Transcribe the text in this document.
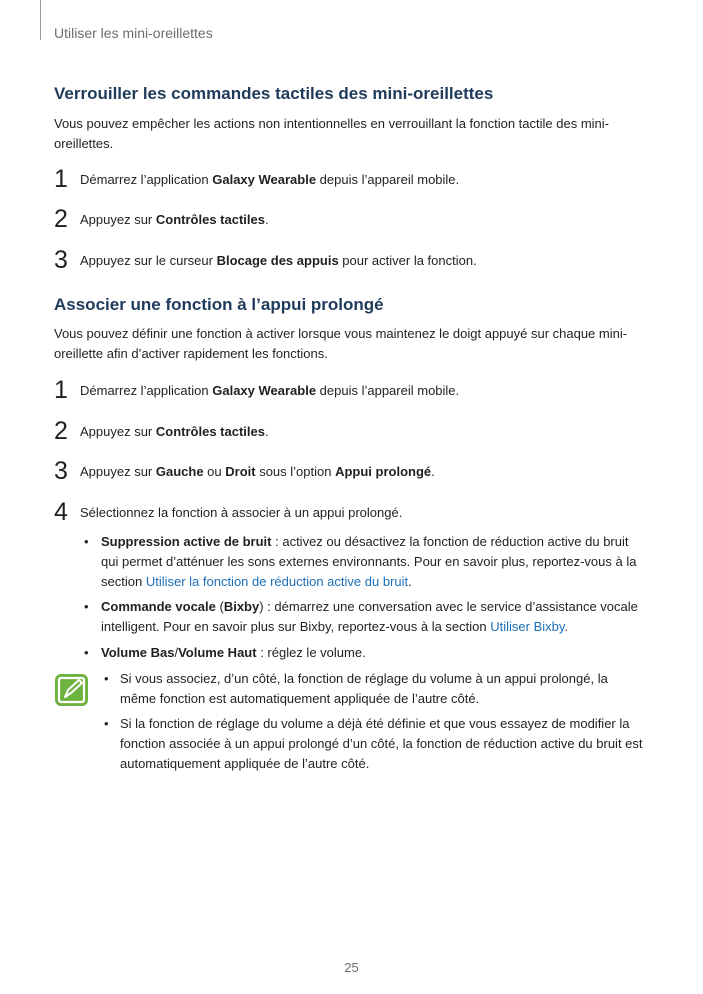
Utiliser les mini-oreillettes
Verrouiller les commandes tactiles des mini-oreillettes
Vous pouvez empêcher les actions non intentionnelles en verrouillant la fonction tactile des mini-oreillettes.
1 Démarrez l’application Galaxy Wearable depuis l’appareil mobile.
2 Appuyez sur Contrôles tactiles.
3 Appuyez sur le curseur Blocage des appuis pour activer la fonction.
Associer une fonction à l’appui prolongé
Vous pouvez définir une fonction à activer lorsque vous maintenez le doigt appuyé sur chaque mini-oreillette afin d’activer rapidement les fonctions.
1 Démarrez l’application Galaxy Wearable depuis l’appareil mobile.
2 Appuyez sur Contrôles tactiles.
3 Appuyez sur Gauche ou Droit sous l’option Appui prolongé.
4 Sélectionnez la fonction à associer à un appui prolongé.
• Suppression active de bruit : activez ou désactivez la fonction de réduction active du bruit qui permet d’atténuer les sons externes environnants. Pour en savoir plus, reportez-vous à la section Utiliser la fonction de réduction active du bruit.
• Commande vocale (Bixby) : démarrez une conversation avec le service d’assistance vocale intelligent. Pour en savoir plus sur Bixby, reportez-vous à la section Utiliser Bixby.
• Volume Bas/Volume Haut : réglez le volume.
• Si vous associez, d’un côté, la fonction de réglage du volume à un appui prolongé, la même fonction est automatiquement appliquée de l’autre côté.
• Si la fonction de réglage du volume a déjà été définie et que vous essayez de modifier la fonction associée à un appui prolongé d’un côté, la fonction de réduction active du bruit est automatiquement appliquée de l’autre côté.
25
